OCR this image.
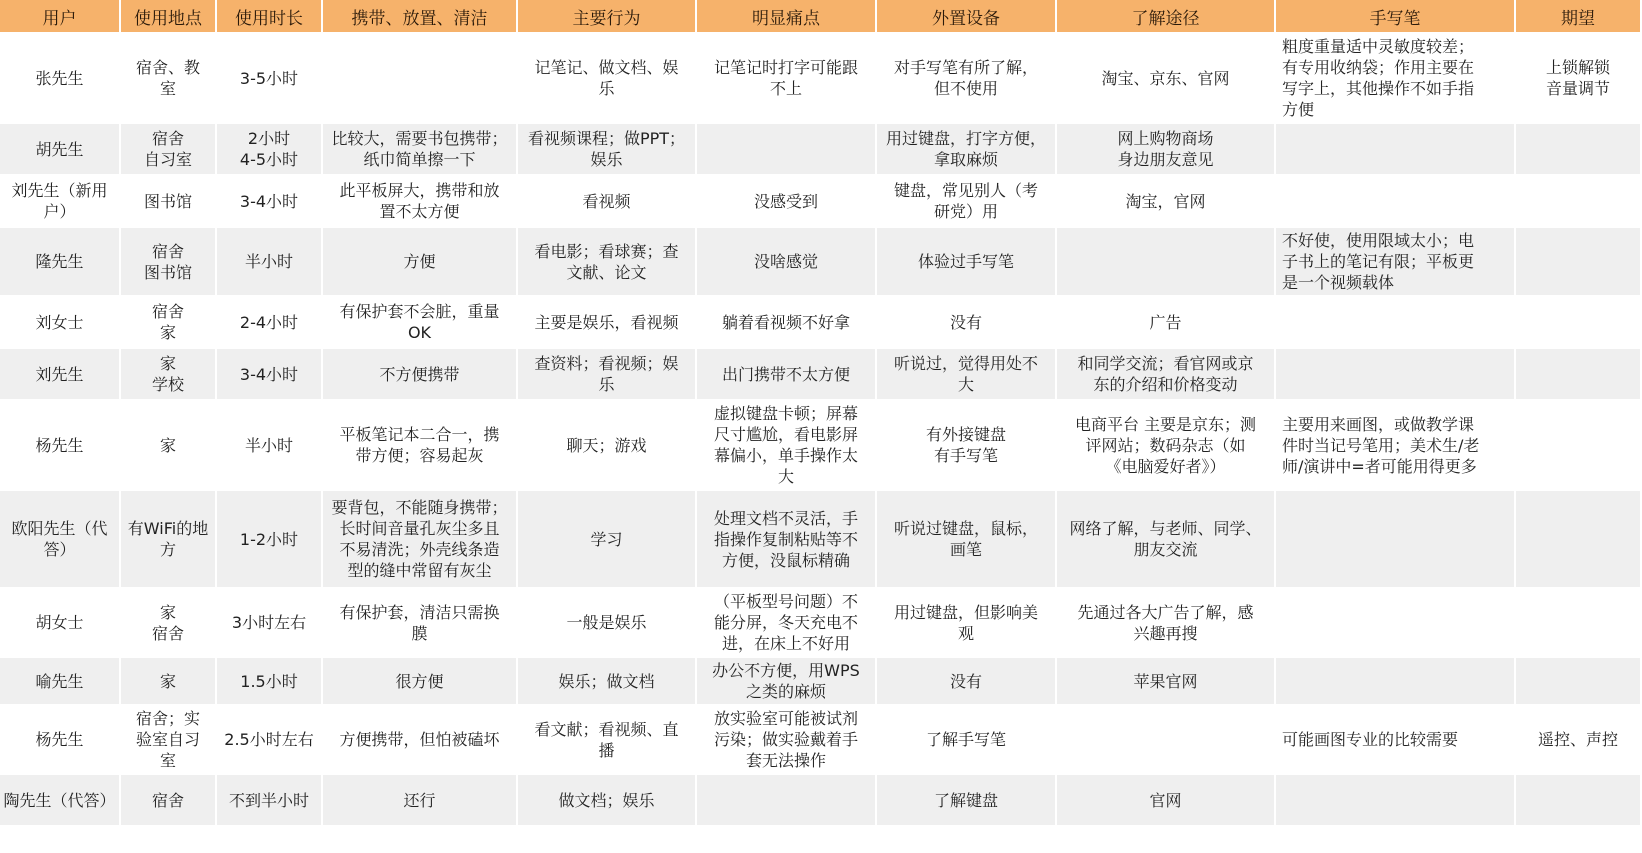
用户	使用地点	使用时长	携带、放置、清洁	主要行为	明显痛点	外置设备	了解途径	手写笔	期望
张先生	宿舍、教
室	3-5小时		记笔记、做文档、娱
乐	记笔记时打字可能跟
不上	对手写笔有所了解，
但不使用	淘宝、京东、官网	粗度重量适中灵敏度较差；
有专用收纳袋；作用主要在
写字上，其他操作不如手指
方便	上锁解锁
音量调节
胡先生	宿舍
自习室	2小时
4-5小时	比较大，需要书包携带；
纸巾简单擦一下	看视频课程；做PPT；
娱乐		用过键盘，打字方便，
拿取麻烦	网上购物商场
身边朋友意见		
刘先生（新用
户）	图书馆	3-4小时	此平板屏大，携带和放
置不太方便	看视频	没感受到	键盘，常见别人（考
研党）用	淘宝，官网		
隆先生	宿舍
图书馆	半小时	方便	看电影；看球赛；查
文献、论文	没啥感觉	体验过手写笔		不好使，使用限域太小；电
子书上的笔记有限；平板更
是一个视频载体	
刘女士	宿舍
家	2-4小时	有保护套不会脏，重量
OK	主要是娱乐，看视频	躺着看视频不好拿	没有	广告		
刘先生	家
学校	3-4小时	不方便携带	查资料；看视频；娱
乐	出门携带不太方便	听说过，觉得用处不
大	和同学交流；看官网或京
东的介绍和价格变动		
杨先生	家	半小时	平板笔记本二合一，携
带方便；容易起灰	聊天；游戏	虚拟键盘卡顿；屏幕
尺寸尴尬，看电影屏
幕偏小，单手操作太
大	有外接键盘
有手写笔	电商平台 主要是京东；测
评网站；数码杂志（如
《电脑爱好者》）	主要用来画图，或做教学课
件时当记号笔用；美术生/老
师/演讲中=者可能用得更多	
欧阳先生（代
答）	有WiFi的地
方	1-2小时	要背包，不能随身携带；
长时间音量孔灰尘多且
不易清洗；外壳线条造
型的缝中常留有灰尘	学习	处理文档不灵活，手
指操作复制粘贴等不
方便，没鼠标精确	听说过键盘，鼠标，
画笔	网络了解，与老师、同学、
朋友交流		
胡女士	家
宿舍	3小时左右	有保护套，清洁只需换
膜	一般是娱乐	（平板型号问题）不
能分屏，冬天充电不
进，在床上不好用	用过键盘，但影响美
观	先通过各大广告了解，感
兴趣再搜		
喻先生	家	1.5小时	很方便	娱乐；做文档	办公不方便，用WPS
之类的麻烦	没有	苹果官网		
杨先生	宿舍；实
验室自习
室	2.5小时左右	方便携带，但怕被磕坏	看文献；看视频、直
播	放实验室可能被试剂
污染；做实验戴着手
套无法操作	了解手写笔		可能画图专业的比较需要	遥控、声控
陶先生（代答）	宿舍	不到半小时	还行	做文档；娱乐		了解键盘	官网		
